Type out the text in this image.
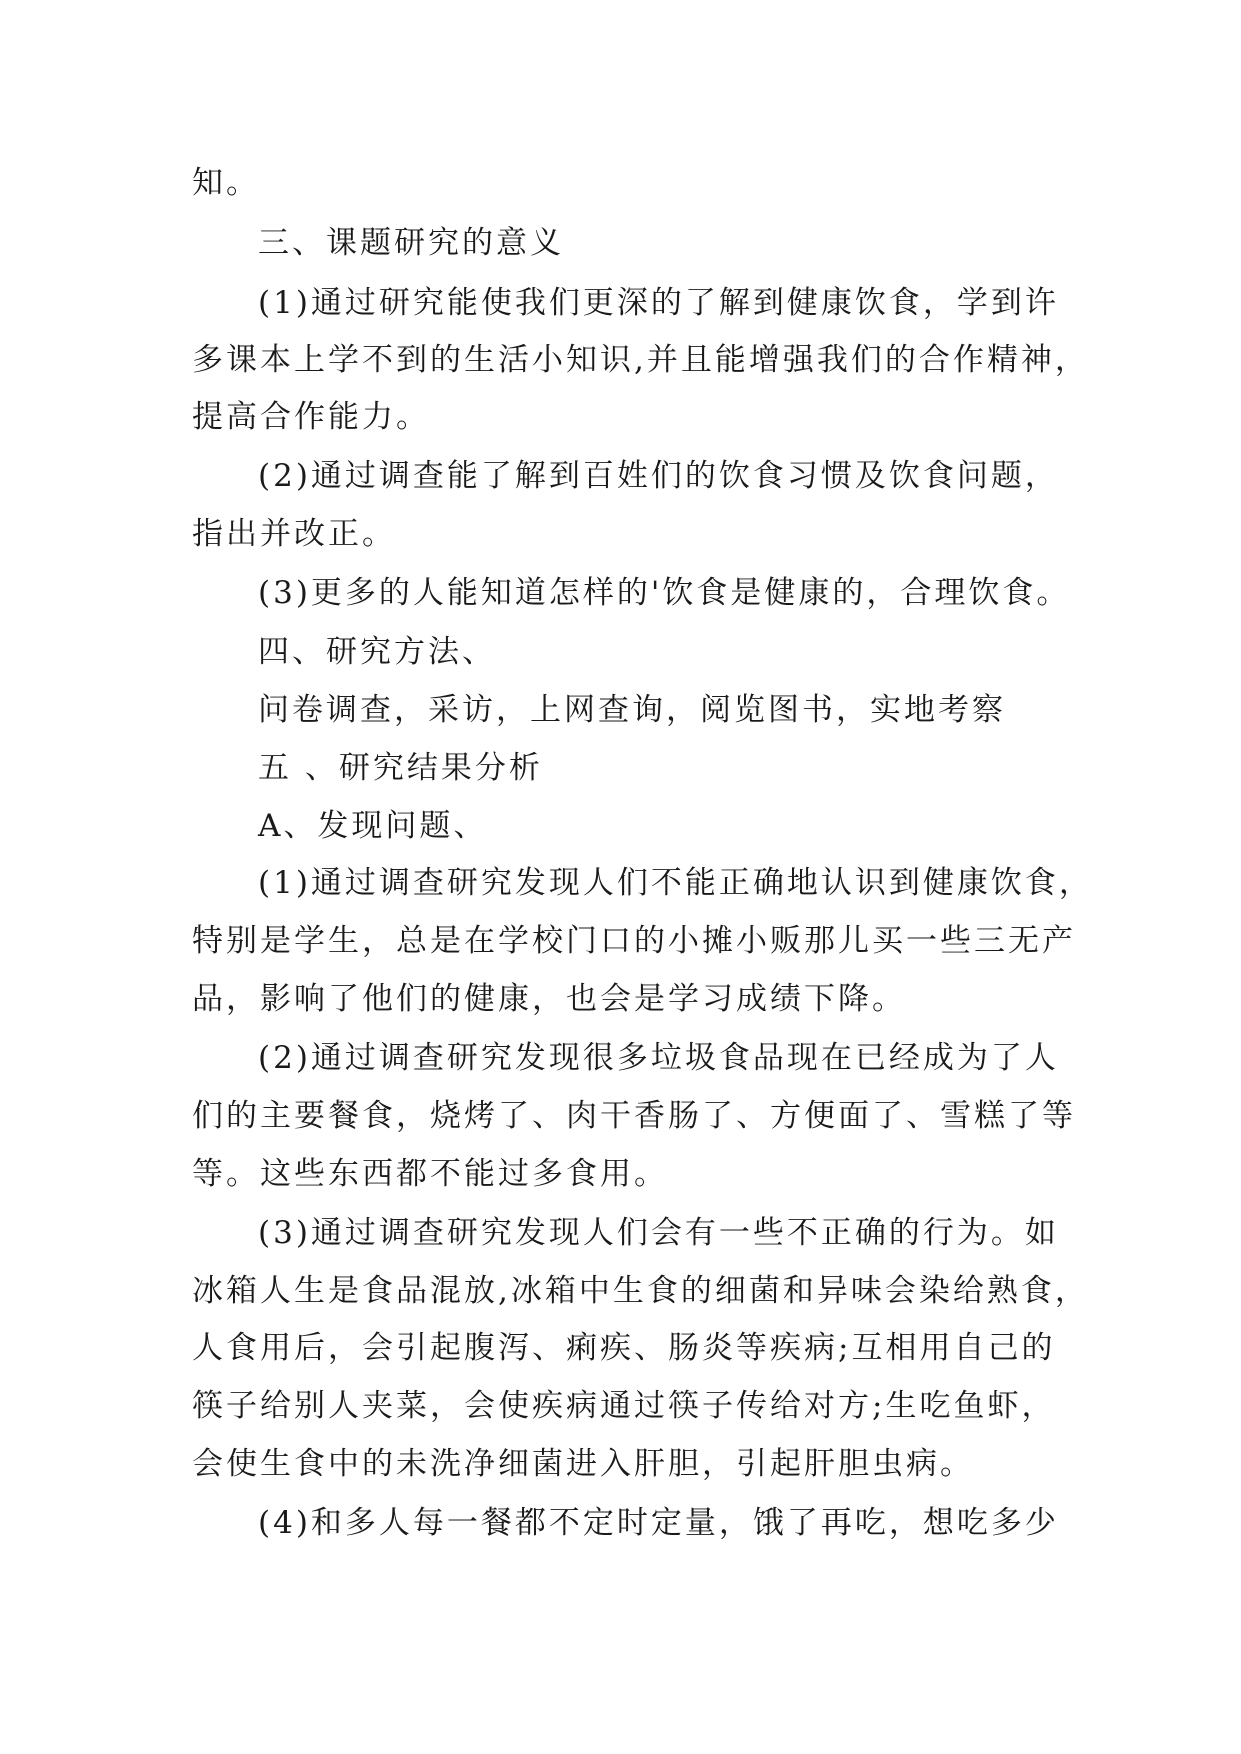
知。
三、课题研究的意义
(1)通过研究能使我们更深的了解到健康饮食，学到许
多课本上学不到的生活小知识,并且能增强我们的合作精神，
提高合作能力。
(2)通过调查能了解到百姓们的饮食习惯及饮食问题，
指出并改正。
(3)更多的人能知道怎样的'饮食是健康的，合理饮食。
四、研究方法、
问卷调查，采访，上网查询，阅览图书，实地考察
五 、研究结果分析
A、发现问题、
(1)通过调查研究发现人们不能正确地认识到健康饮食，
特别是学生，总是在学校门口的小摊小贩那儿买一些三无产
品，影响了他们的健康，也会是学习成绩下降。
(2)通过调查研究发现很多垃圾食品现在已经成为了人
们的主要餐食，烧烤了、肉干香肠了、方便面了、雪糕了等
等。这些东西都不能过多食用。
(3)通过调查研究发现人们会有一些不正确的行为。如
冰箱人生是食品混放,冰箱中生食的细菌和异味会染给熟食，
人食用后，会引起腹泻、痢疾、肠炎等疾病;互相用自己的
筷子给别人夹菜，会使疾病通过筷子传给对方;生吃鱼虾，
会使生食中的未洗净细菌进入肝胆，引起肝胆虫病。
(4)和多人每一餐都不定时定量，饿了再吃，想吃多少
